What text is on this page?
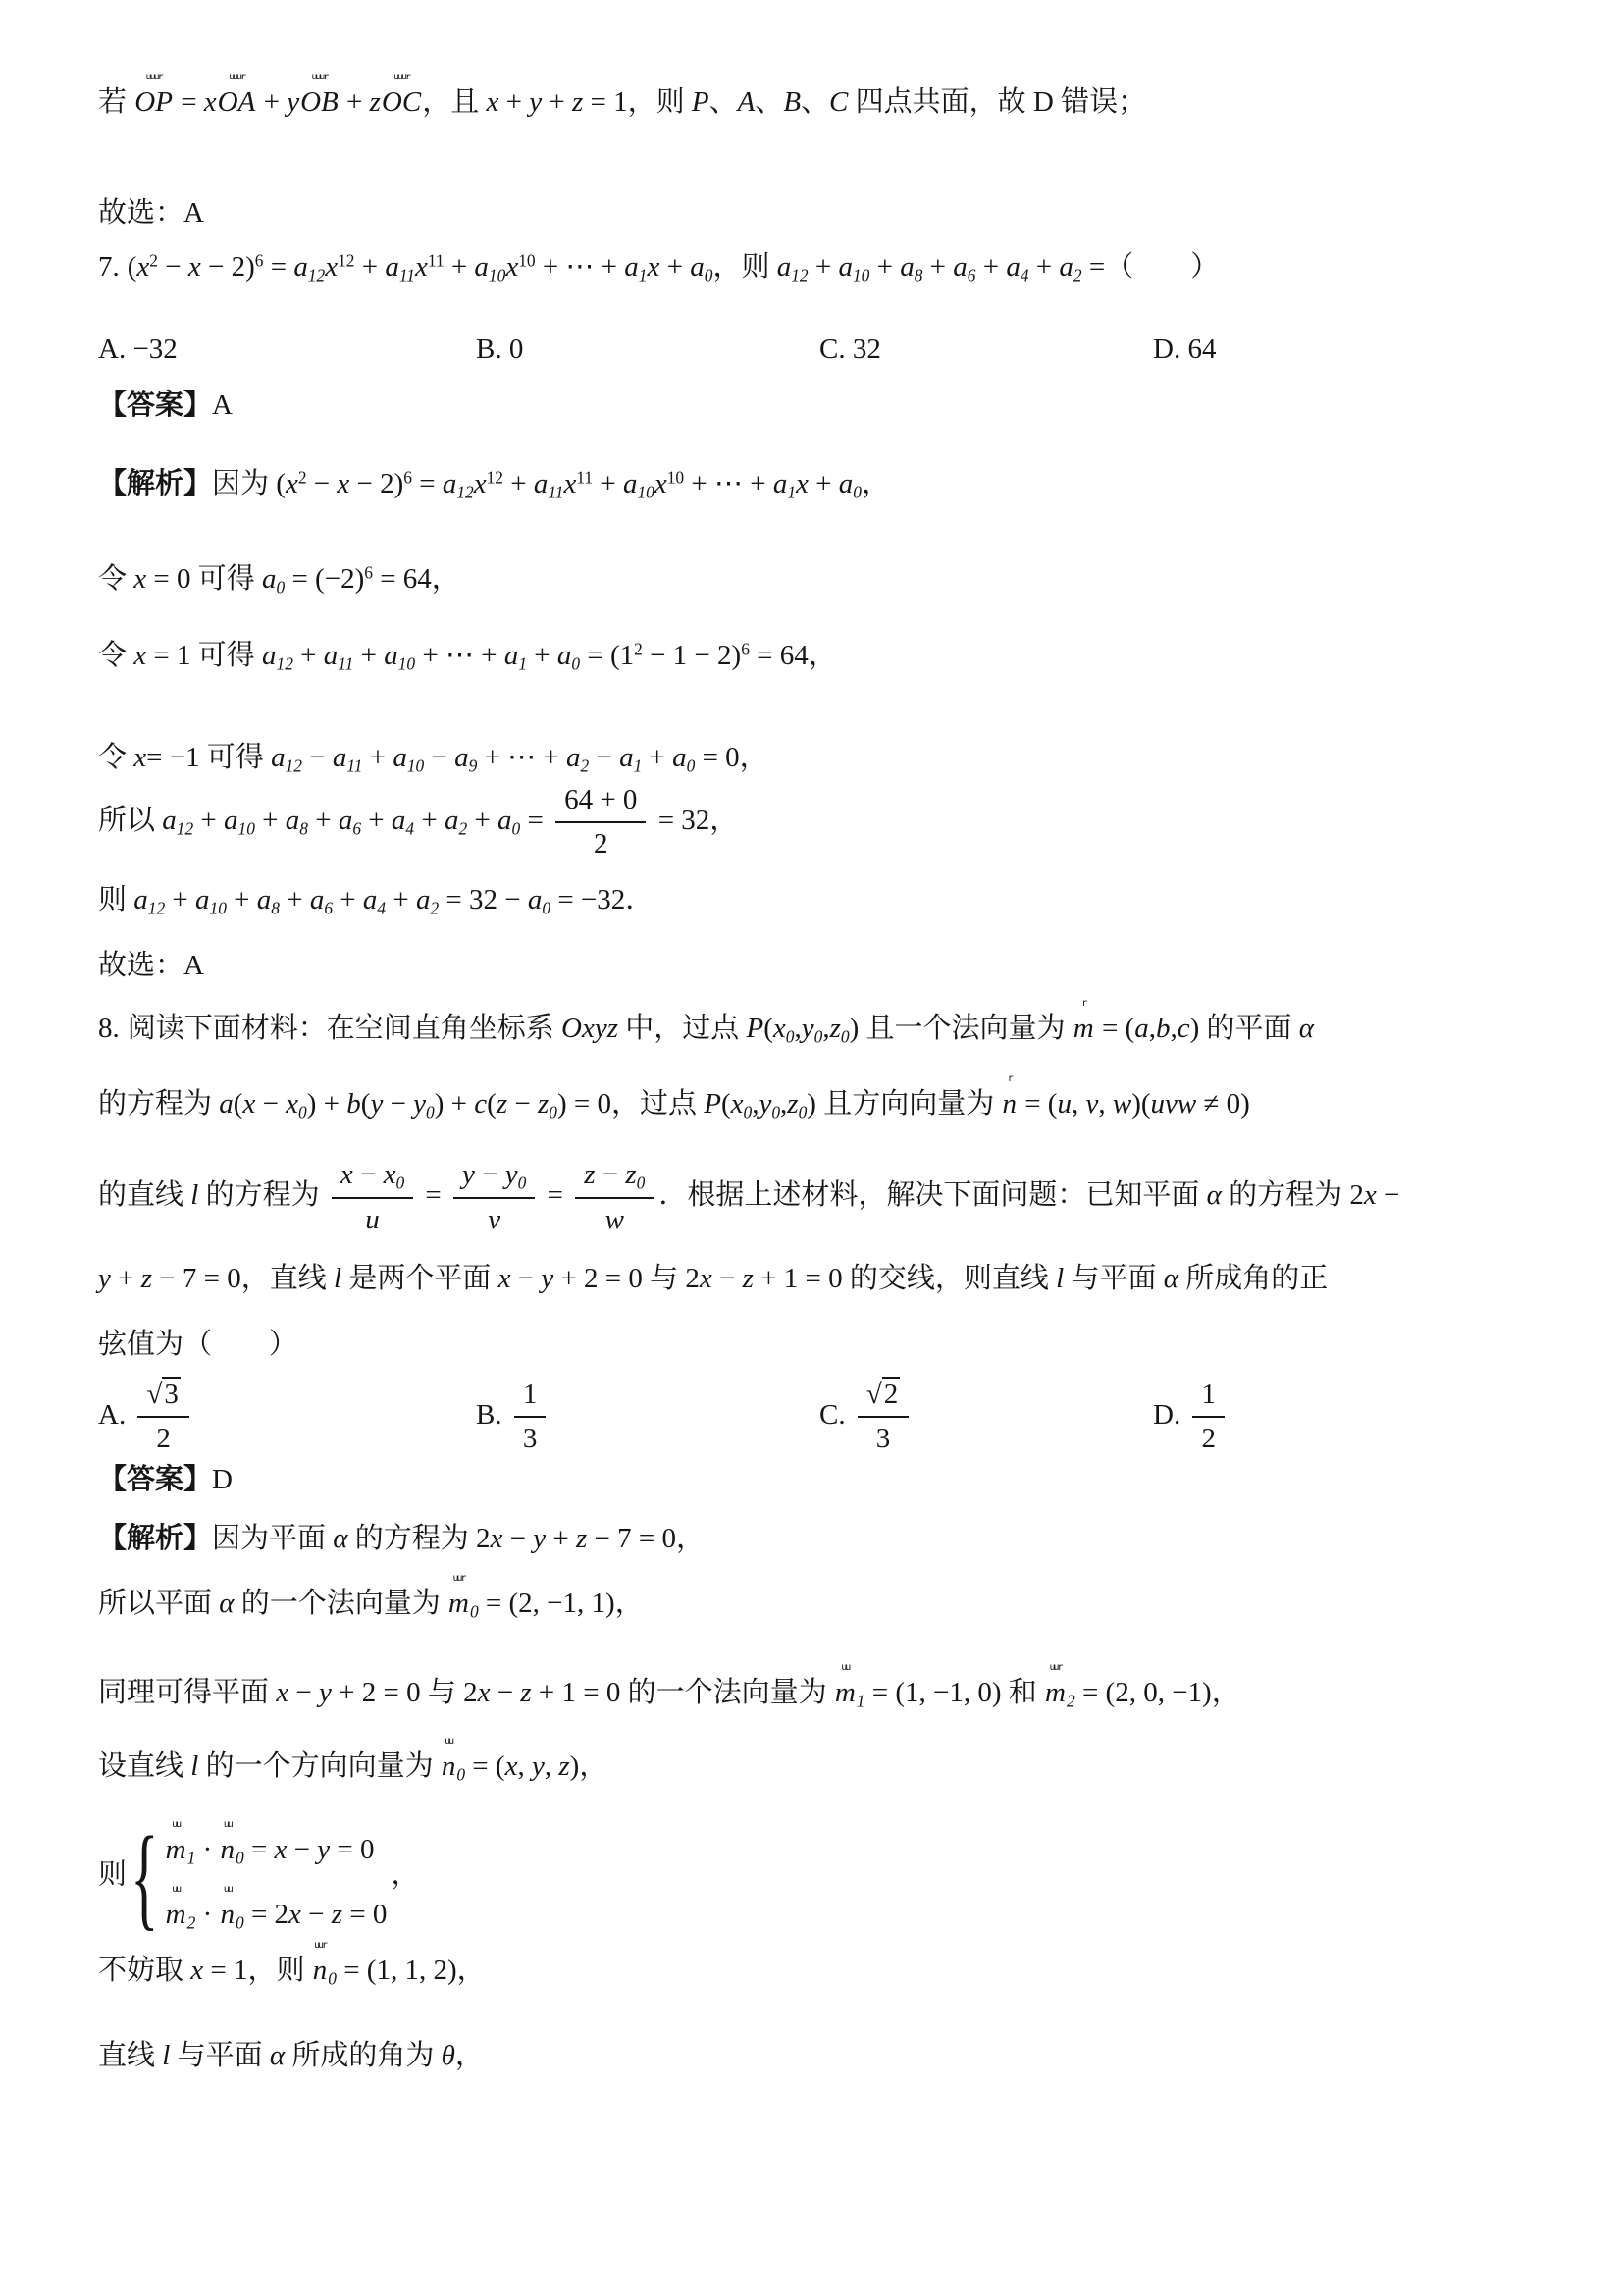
若
uuur
OP = x
uuur
OA + y
uuur
OB + z
uuur
OC，且 x + y + z = 1，则 P、A、B、C 四点共面，故 D 错误；
故选：A
7. $(x^2 - x - 2)^6 = a_{12}x^{12} + a_{11}x^{11} + a_{10}x^{10}$ + ⋯ + $a_1x + a_0$，则 $a_{12} + a_{10} + a_8 + a_6 + a_4 + a_2$ =（　　）
A. −32	B. 0	C. 32	D. 64
【答案】A
【解析】因为 $(x^2 - x - 2)^6 = a_{12}x^{12} + a_{11}x^{11} + a_{10}x^{10}$ + ⋯ + $a_1x + a_0$，
令 x = 0 可得 $a_0 = (-2)^6 = 64$，
令 x = 1 可得 $a_{12} + a_{11} + a_{10}$ + ⋯ + $a_1 + a_0 = (1^2 - 1 - 2)^6 = 64$，
令 x= −1 可得 $a_{12} - a_{11} + a_{10} - a_9$ + ⋯ + $a_2 - a_1 + a_0 = 0$，
所以 $a_{12} + a_{10} + a_8 + a_6 + a_4 + a_2 + a_0 = \frac{64 + 0}{2} = 32$，
则 $a_{12} + a_{10} + a_8 + a_6 + a_4 + a_2 = 32 - a_0 = -32$．
故选：A
8. 阅读下面材料：在空间直角坐标系 Oxyz 中，过点 $P(x_0,y_0,z_0)$ 且一个法向量为
r
m = (a,b,c) 的平面 α
的方程为 $a(x - x_0) + b(y - y_0) + c(z - z_0) = 0$，过点 $P(x_0,y_0,z_0)$ 且方向向量为
r
n = (u, v, w)(uvw ≠ 0)
的直线 l 的方程为 $\frac{x - x_0}{u} = \frac{y - y_0}{v} = \frac{z - z_0}{w}$ ．根据上述材料，解决下面问题：已知平面 α 的方程为 2x −
y + z − 7 = 0，直线 l 是两个平面 x − y + 2 = 0 与 2x − z + 1 = 0 的交线，则直线 l 与平面 α 所成角的正
弦值为（　　）
A. $\frac{√3}{2}$	B. $\frac{1}{3}$	C. $\frac{√2}{3}$	D. $\frac{1}{2}$
【答案】D
【解析】因为平面 α 的方程为 2x − y + z − 7 = 0，
所以平面 α 的一个法向量为
uur
$m_0 = (2$, −1, 1)，
同理可得平面 x − y + 2 = 0 与 2x − z + 1 = 0 的一个法向量为
uu
$m_1 = (1$, −1, 0) 和
uur
$m_2 = (2$, 0, −1)，
设直线 l 的一个方向向量为
uu
$n_0 = (x$, y, z)，
则 { uu
$m_1$ ·
uu
$n_0 = x - y = 0$
uu
$m_2$ ·
uu
$n_0 = 2x - z = 0$
，
不妨取 x = 1，则
uur
$n_0 = (1$, 1, 2)，
直线 l 与平面 α 所成的角为 θ，
